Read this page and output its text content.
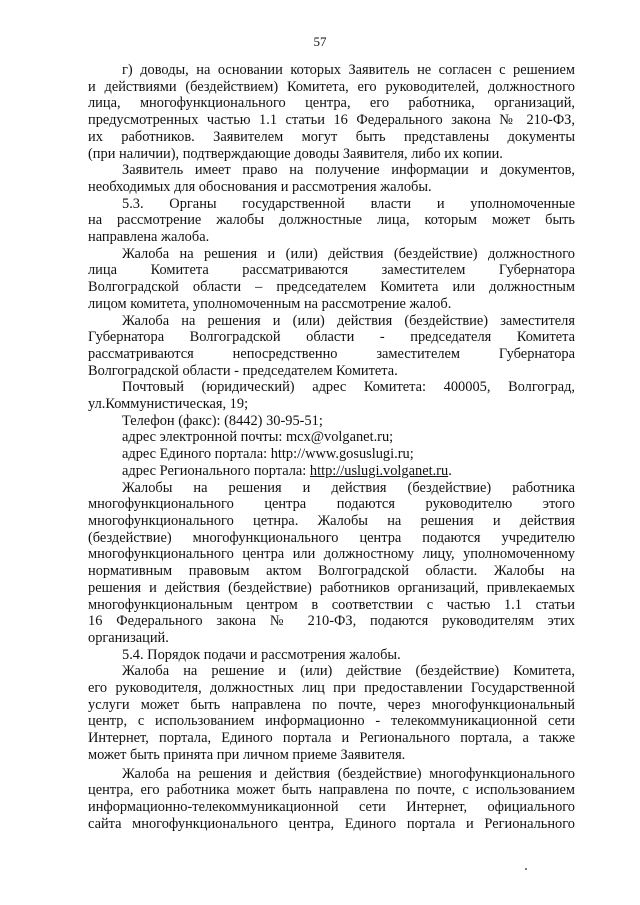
57
г) доводы, на основании которых Заявитель не согласен с решением
и действиями (бездействием) Комитета, его руководителей, должностного
лица, многофункционального центра, его работника, организаций,
предусмотренных частью 1.1 статьи 16 Федерального закона № 210-ФЗ,
их работников. Заявителем могут быть представлены документы
(при наличии), подтверждающие доводы Заявителя, либо их копии.
Заявитель имеет право на получение информации и документов,
необходимых для обоснования и рассмотрения жалобы.
5.3. Органы государственной власти и уполномоченные
на рассмотрение жалобы должностные лица, которым может быть
направлена жалоба.
Жалоба на решения и (или) действия (бездействие) должностного
лица Комитета рассматриваются заместителем Губернатора
Волгоградской области – председателем Комитета или должностным
лицом комитета, уполномоченным на рассмотрение жалоб.
Жалоба на решения и (или) действия (бездействие) заместителя
Губернатора Волгоградской области - председателя Комитета
рассматриваются непосредственно заместителем Губернатора
Волгоградской области - председателем Комитета.
Почтовый (юридический) адрес Комитета: 400005, Волгоград,
ул.Коммунистическая, 19;
Телефон (факс): (8442) 30-95-51;
адрес электронной почты: mcx@volganet.ru;
адрес Единого портала: http://www.gosuslugi.ru;
адрес Регионального портала: http://uslugi.volganet.ru.
Жалобы на решения и действия (бездействие) работника
многофункционального центра подаются руководителю этого
многофункционального цетнра. Жалобы на решения и действия
(бездействие) многофункционального центра подаются учредителю
многофункционального центра или должностному лицу, уполномоченному
нормативным правовым актом Волгоградской области. Жалобы на
решения и действия (бездействие) работников организаций, привлекаемых
многофункциональным центром в соответствии с частью 1.1 статьи
16 Федерального закона № 210-ФЗ, подаются руководителям этих
организаций.
5.4. Порядок подачи и рассмотрения жалобы.
Жалоба на решение и (или) действие (бездействие) Комитета,
его руководителя, должностных лиц при предоставлении Государственной
услуги может быть направлена по почте, через многофункциональный
центр, с использованием информационно - телекоммуникационной сети
Интернет, портала, Единого портала и Регионального портала, а также
может быть принята при личном приеме Заявителя.
Жалоба на решения и действия (бездействие) многофункционального
центра, его работника может быть направлена по почте, с использованием
информационно-телекоммуникационной сети Интернет, официального
сайта многофункционального центра, Единого портала и Регионального
